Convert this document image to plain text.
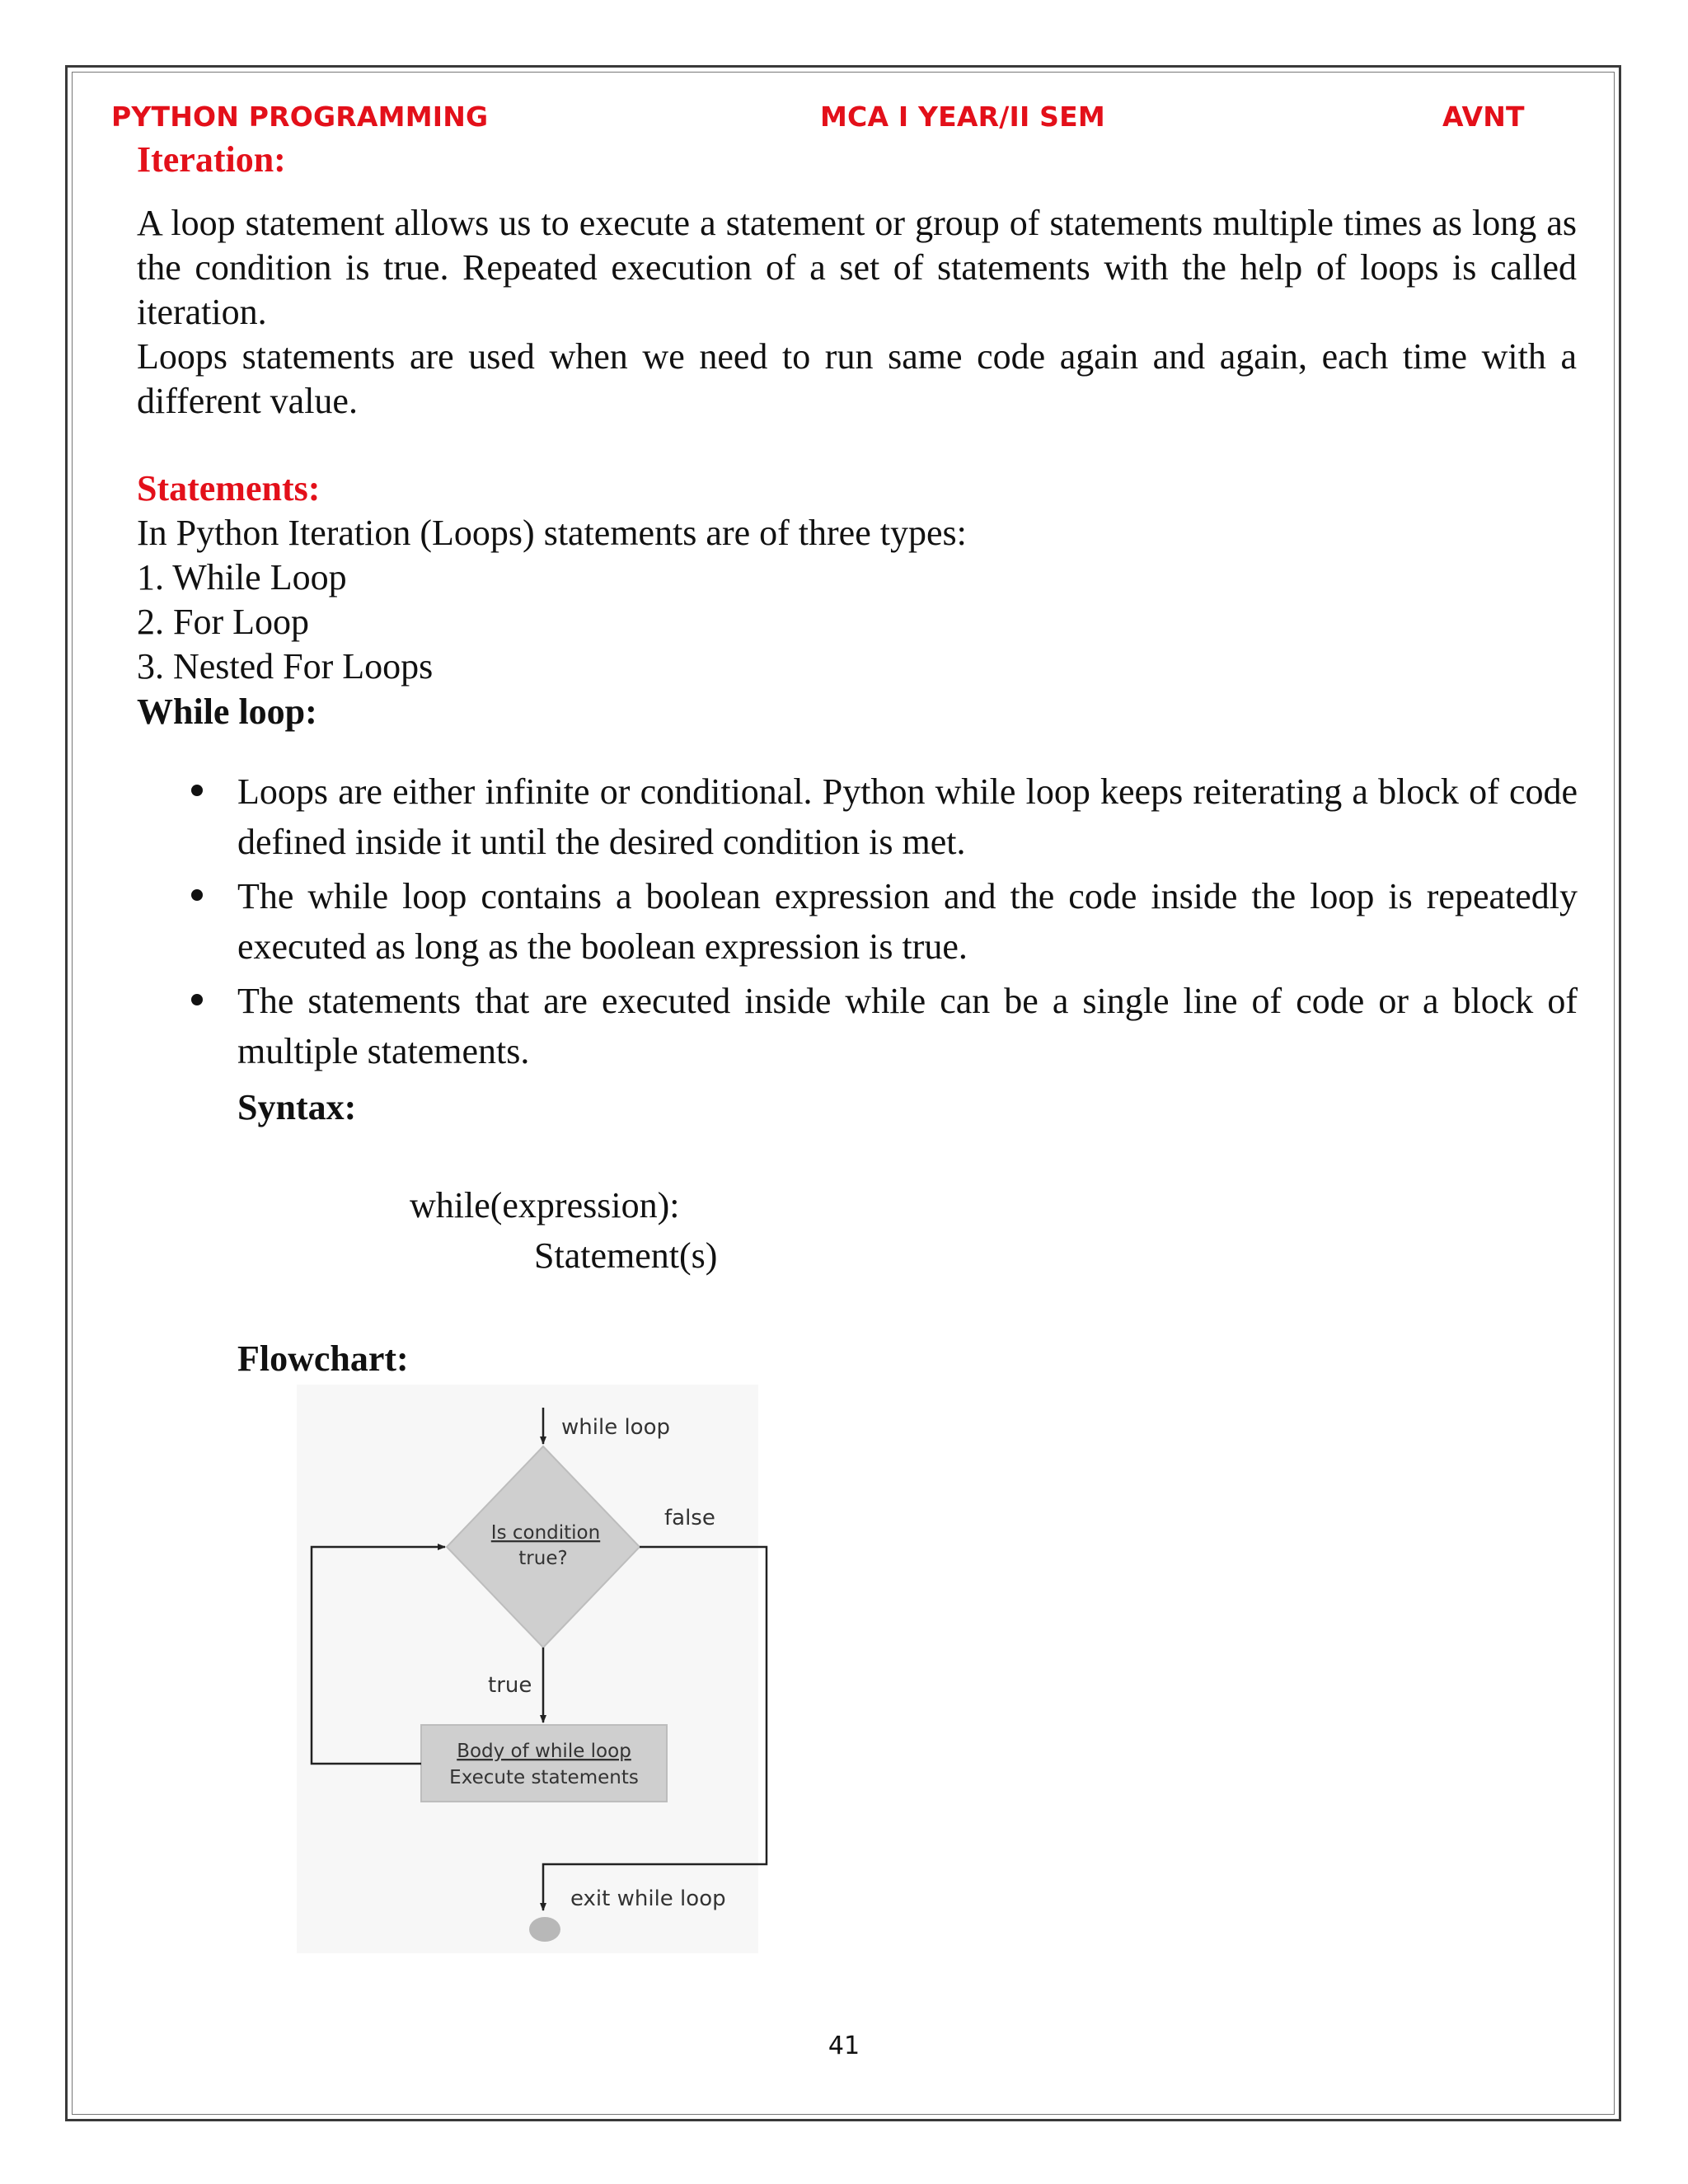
PYTHON PROGRAMMING	MCA I YEAR/II SEM	AVNT
Iteration:
A loop statement allows us to execute a statement or group of statements multiple times as long as the condition is true. Repeated execution of a set of statements with the help of loops is called iteration.
Loops statements are used when we need to run same code again and again, each time with a different value.
Statements:
In Python Iteration (Loops) statements are of three types:
1. While Loop
2. For Loop
3. Nested For Loops
While loop:
Loops are either infinite or conditional. Python while loop keeps reiterating a block of code defined inside it until the desired condition is met.
The while loop contains a boolean expression and the code inside the loop is repeatedly executed as long as the boolean expression is true.
The statements that are executed inside while can be a single line of code or a block of multiple statements.
Syntax:
while(expression):
Statement(s)
Flowchart:
while loop
Is condition
true?
false
true
Body of while loop
Execute statements
exit while loop
41
